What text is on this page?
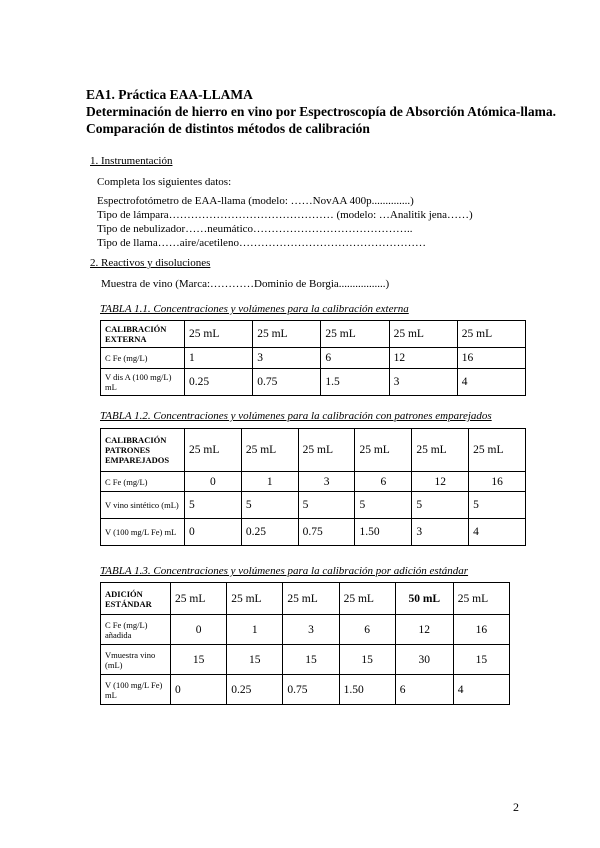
EA1. Práctica EAA-LLAMA
Determinación de hierro en vino por Espectroscopía de Absorción Atómica-llama. Comparación de distintos métodos de calibración
1. Instrumentación
Completa los siguientes datos:
Espectrofotómetro de EAA-llama (modelo: ……NovAA 400p..............)
Tipo de lámpara……………………………………… (modelo: …Analitik jena……)
Tipo de nebulizador……neumático……………………………………..
Tipo de llama……aire/acetileno……………………………………………
2. Reactivos y disoluciones
Muestra de vino (Marca:…………Dominio de Borgia.................)
TABLA 1.1. Concentraciones y volúmenes para la calibración externa
CALIBRACIÓN EXTERNA	25 mL	25 mL	25 mL	25 mL	25 mL
C Fe (mg/L)	1	3	6	12	16
V dis A (100 mg/L) mL	0.25	0.75	1.5	3	4
TABLA 1.2. Concentraciones y volúmenes para la calibración con patrones emparejados
CALIBRACIÓN PATRONES EMPAREJADOS	25 mL	25 mL	25 mL	25 mL	25 mL	25 mL
C Fe (mg/L)	0	1	3	6	12	16
V vino sintético (mL)	5	5	5	5	5	5
V (100 mg/L Fe) mL	0	0.25	0.75	1.50	3	4
TABLA 1.3. Concentraciones y volúmenes para la calibración por adición estándar
ADICIÓN ESTÁNDAR	25 mL	25 mL	25 mL	25 mL	50 mL	25 mL
C Fe (mg/L) añadida	0	1	3	6	12	16
Vmuestra vino (mL)	15	15	15	15	30	15
V (100 mg/L Fe) mL	0	0.25	0.75	1.50	6	4
2
